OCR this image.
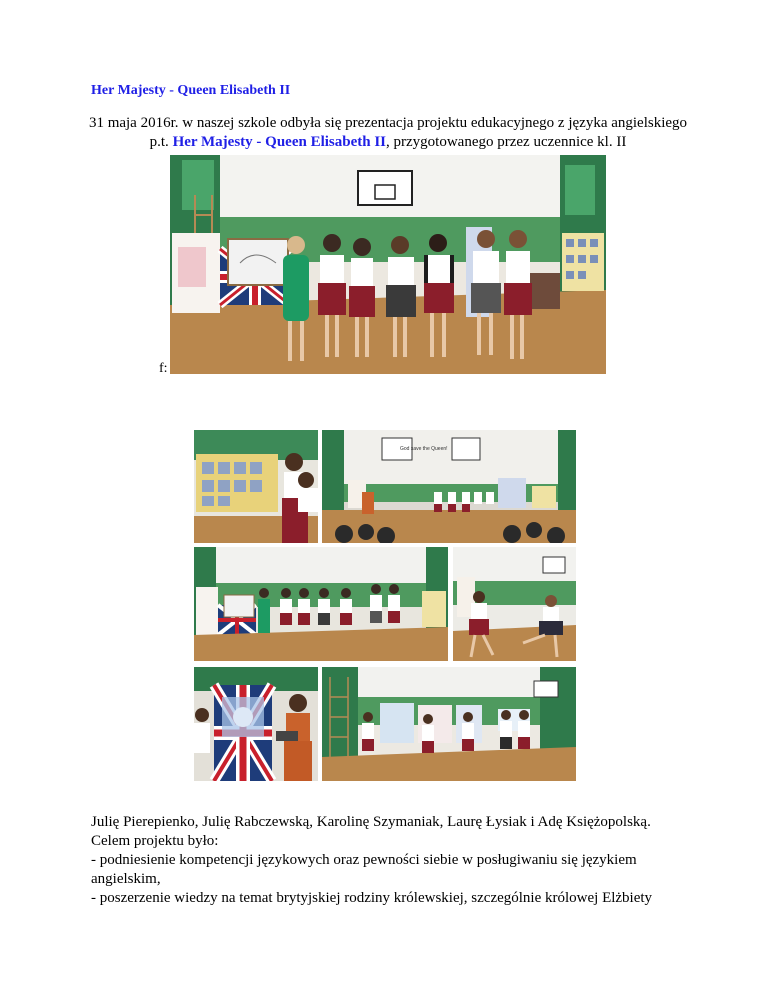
Her Majesty - Queen Elisabeth II
31 maja 2016r. w naszej szkole odbyła się prezentacja projektu edukacyjnego z języka angielskiego p.t. Her Majesty - Queen Elisabeth II, przygotowanego przez uczennice kl. II
f:
God save the Queen!

Julię Pierepienko, Julię Rabczewską, Karolinę Szymaniak, Laurę Łysiak i Adę Księżopolską.

Celem projektu było:

- podniesienie kompetencji językowych oraz pewności siebie w posługiwaniu się językiem angielskim,

- poszerzenie wiedzy na temat brytyjskiej rodziny królewskiej, szczególnie królowej Elżbiety
